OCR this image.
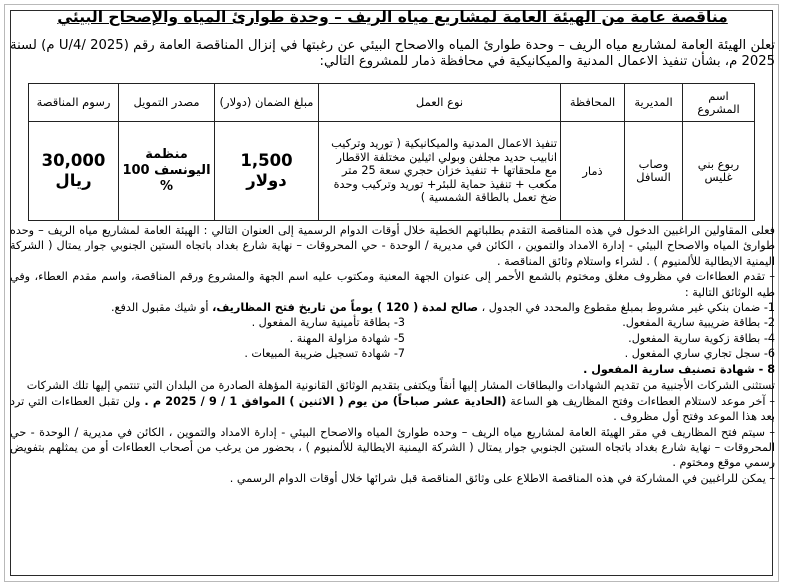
مناقصة عامة من الهيئة العامة لمشاريع مياه الريف – وحدة طوارئ المياه والإصحاح البيئي
تعلن الهيئة العامة لمشاريع مياه الريف – وحدة طوارئ المياه والاصحاح البيئي عن رغبتها في إنزال المناقصة العامة رقم (U/4/ 2025 م) لسنة 2025 م، بشأن تنفيذ الاعمال المدنية والميكانيكية في محافظة ذمار للمشروع التالي:
اسم المشروع	المديرية	المحافظة	نوع العمل	مبلغ الضمان (دولار)	مصدر التمويل	رسوم المناقصة
ربوع بني غليس	وصاب السافل	ذمار	تنفيذ الاعمال المدنية والميكانيكية ( توريد وتركيب انابيب حديد مجلفن وبولي اثيلين مختلفة الاقطار مع ملحقاتها + تنفيذ خزان حجري سعة 25 متر مكعب + تنفيذ حماية للبئر+ توريد وتركيب وحدة ضخ تعمل بالطاقة الشمسية )	1,500 دولار	منظمة اليونسف 100 %	30,000 ريال

فعلى المقاولين الراغبين الدخول في هذه المناقصة التقدم بطلباتهم الخطية خلال أوقات الدوام الرسمية إلى العنوان التالي : الهيئة العامة لمشاريع مياه الريف – وحده طوارئ المياه والاصحاح البيئي - إدارة الامداد والتموين ، الكائن في مديرية / الوحدة - حي المحروقات – نهاية شارع بغداد باتجاه الستين الجنوبي جوار يمتال ( الشركة اليمنية الايطالية للألمنيوم ) . لشراء واستلام وثائق المناقصة .

– تقدم العطاءات في مظروف مغلق ومختوم بالشمع الأحمر إلى عنوان الجهة المعنية ومكتوب عليه اسم الجهة والمشروع ورقم المناقصة، واسم مقدم العطاء، وفي طيه الوثائق التالية :

1- ضمان بنكي غير مشروط بمبلغ مقطوع والمحدد في الجدول ، صالح لمدة ( 120 ) يوماً من تاريخ فتح المظاريف، أو شيك مقبول الدفع.

2- بطاقة ضريبية سارية المفعول.
3- بطاقة تأمينية سارية المفعول .
4- بطاقة زكوية سارية المفعول.
5- شهادة مزاولة المهنة .
6- سجل تجاري ساري المفعول .
7- شهادة تسجيل ضريبة المبيعات .
8 - شهادة تصنيف سارية المفعول .

تستثنى الشركات الأجنبية من تقديم الشهادات والبطاقات المشار إليها أنفاً ويكتفى بتقديم الوثائق القانونية المؤهلة الصادرة من البلدان التي تنتمي إليها تلك الشركات

– آخر موعد لاستلام العطاءات وفتح المظاريف هو الساعة (الحادية عشر صباحاً) من يوم ( الاثنين ) الموافق 1 / 9 / 2025 م . ولن تقبل العطاءات التي ترد بعد هذا الموعد وفتح أول مظروف .

– سيتم فتح المظاريف في مقر الهيئة العامة لمشاريع مياه الريف – وحده طوارئ المياه والاصحاح البيئي - إدارة الامداد والتموين ، الكائن في مديرية / الوحدة - حي المحروقات – نهاية شارع بغداد باتجاه الستين الجنوبي جوار يمتال ( الشركة اليمنية الايطالية للألمنيوم ) ، بحضور من يرغب من أصحاب العطاءات أو من يمثلهم بتفويض رسمي موقع ومختوم .

– يمكن للراغبين في المشاركة في هذه المناقصة الاطلاع على وثائق المناقصة قبل شرائها خلال أوقات الدوام الرسمي .
